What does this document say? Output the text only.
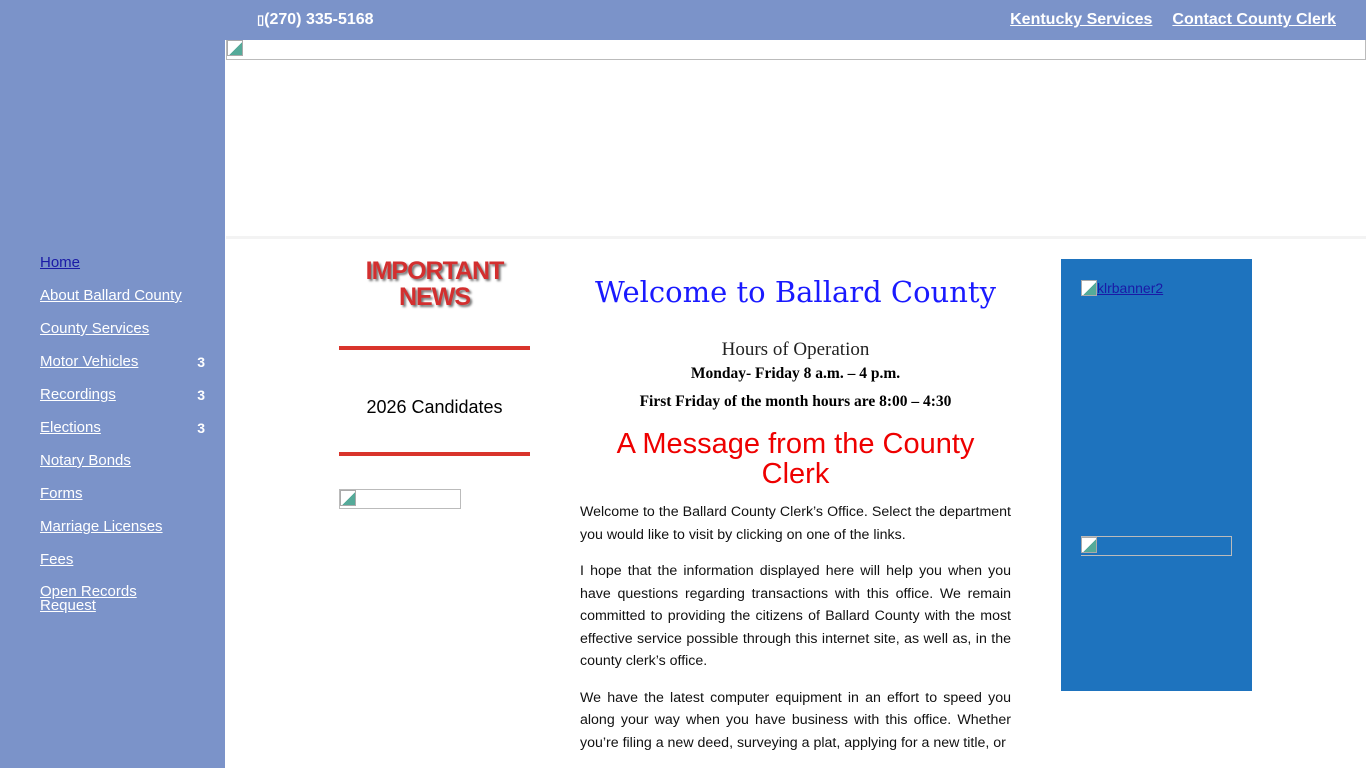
Home
About Ballard County
County Services
Motor Vehicles	3
Recordings	3
Elections	3
Notary Bonds
Forms
Marriage Licenses
Fees
Open Records Request
▯(270) 335-5168	Kentucky Services Contact County Clerk
IMPORTANT NEWS
2026 Candidates
Welcome to Ballard County
Hours of Operation
Monday- Friday 8 a.m. – 4 p.m.
First Friday of the month hours are 8:00 – 4:30
A Message from the County Clerk

Welcome to the Ballard County Clerk’s Office. Select the department you would like to visit by clicking on one of the links.

I hope that the information displayed here will help you when you have questions regarding transactions with this office. We remain committed to providing the citizens of Ballard County with the most effective service possible through this internet site, as well as, in the county clerk’s office.

We have the latest computer equipment in an effort to speed you along your way when you have business with this office. Whether you’re filing a new deed, surveying a plat, applying for a new title, or

klrbanner2
